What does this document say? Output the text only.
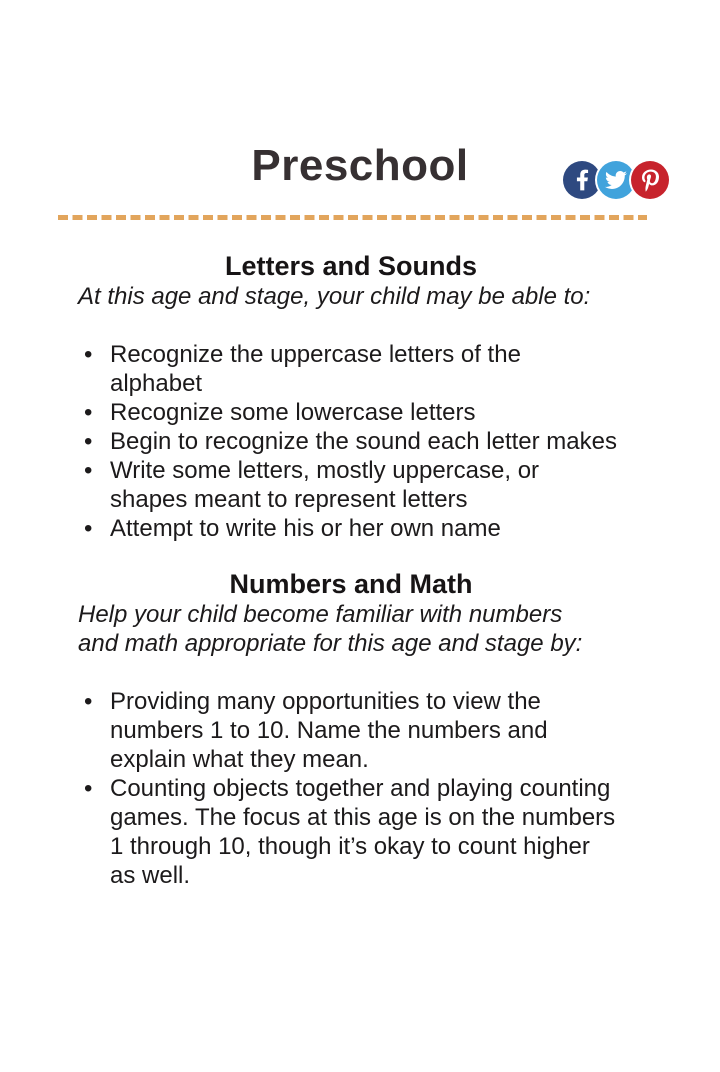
Preschool
Letters and Sounds

At this age and stage, your child may be able to:

• Recognize the uppercase letters of the alphabet
• Recognize some lowercase letters
• Begin to recognize the sound each letter makes
• Write some letters, mostly uppercase, or shapes meant to represent letters
• Attempt to write his or her own name
Numbers and Math

Help your child become familiar with numbers and math appropriate for this age and stage by:

• Providing many opportunities to view the numbers 1 to 10. Name the numbers and explain what they mean.
• Counting objects together and playing counting games. The focus at this age is on the numbers 1 through 10, though it’s okay to count higher as well.
